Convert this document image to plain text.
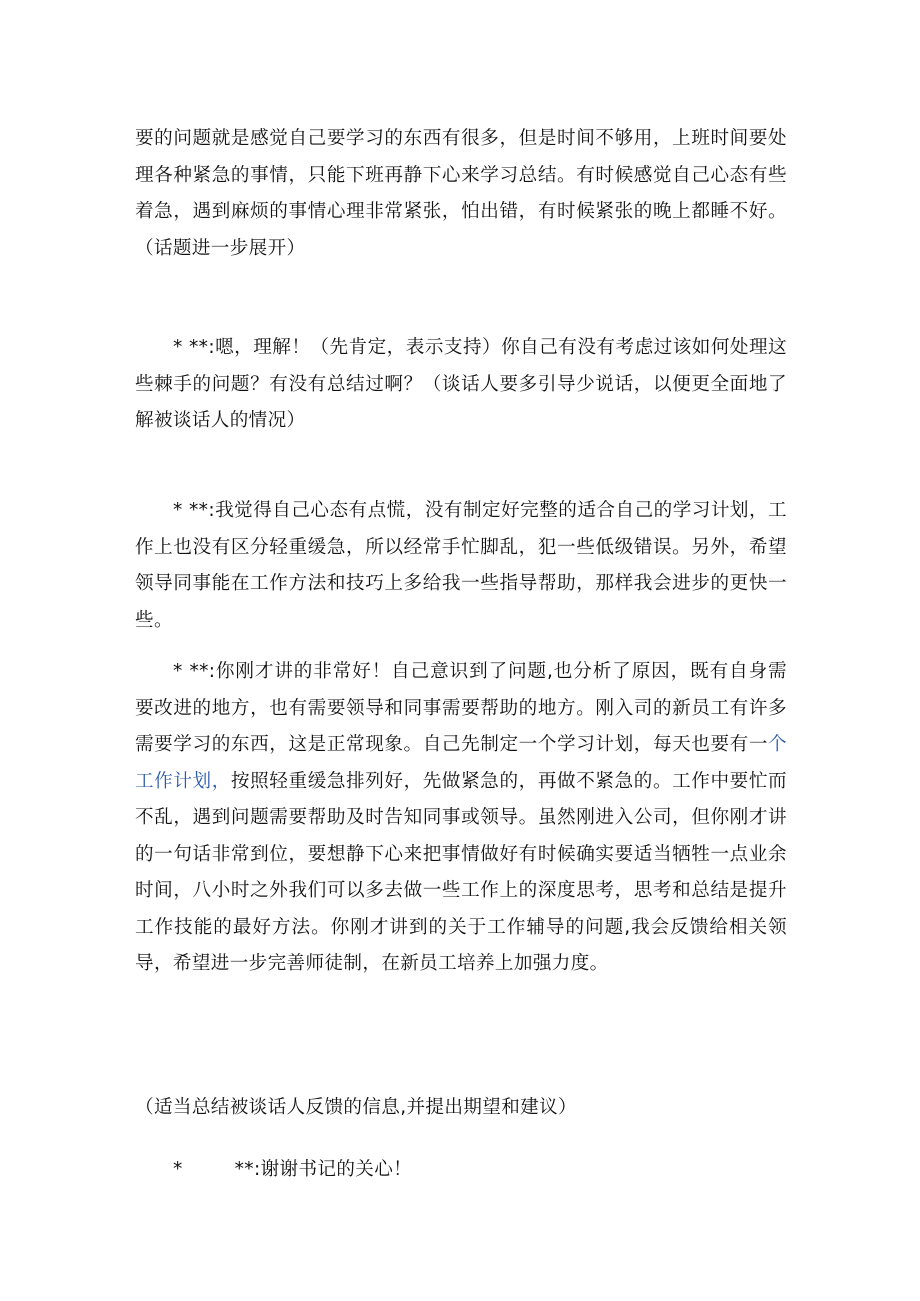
要的问题就是感觉自己要学习的东西有很多，但是时间不够用，上班时间要处理各种紧急的事情，只能下班再静下心来学习总结。有时候感觉自己心态有些着急，遇到麻烦的事情心理非常紧张，怕出错，有时候紧张的晚上都睡不好。（话题进一步展开）

* **:嗯，理解！（先肯定，表示支持）你自己有没有考虑过该如何处理这些棘手的问题？有没有总结过啊？（谈话人要多引导少说话，以便更全面地了解被谈话人的情况）

* **:我觉得自己心态有点慌，没有制定好完整的适合自己的学习计划，工作上也没有区分轻重缓急，所以经常手忙脚乱，犯一些低级错误。另外，希望领导同事能在工作方法和技巧上多给我一些指导帮助，那样我会进步的更快一些。

* **:你刚才讲的非常好！自己意识到了问题,也分析了原因，既有自身需要改进的地方，也有需要领导和同事需要帮助的地方。刚入司的新员工有许多需要学习的东西，这是正常现象。自己先制定一个学习计划，每天也要有一个工作计划，按照轻重缓急排列好，先做紧急的，再做不紧急的。工作中要忙而不乱，遇到问题需要帮助及时告知同事或领导。虽然刚进入公司，但你刚才讲的一句话非常到位，要想静下心来把事情做好有时候确实要适当牺牲一点业余时间，八小时之外我们可以多去做一些工作上的深度思考，思考和总结是提升工作技能的最好方法。你刚才讲到的关于工作辅导的问题,我会反馈给相关领导，希望进一步完善师徒制，在新员工培养上加强力度。

（适当总结被谈话人反馈的信息,并提出期望和建议）

*	**:谢谢书记的关心！
